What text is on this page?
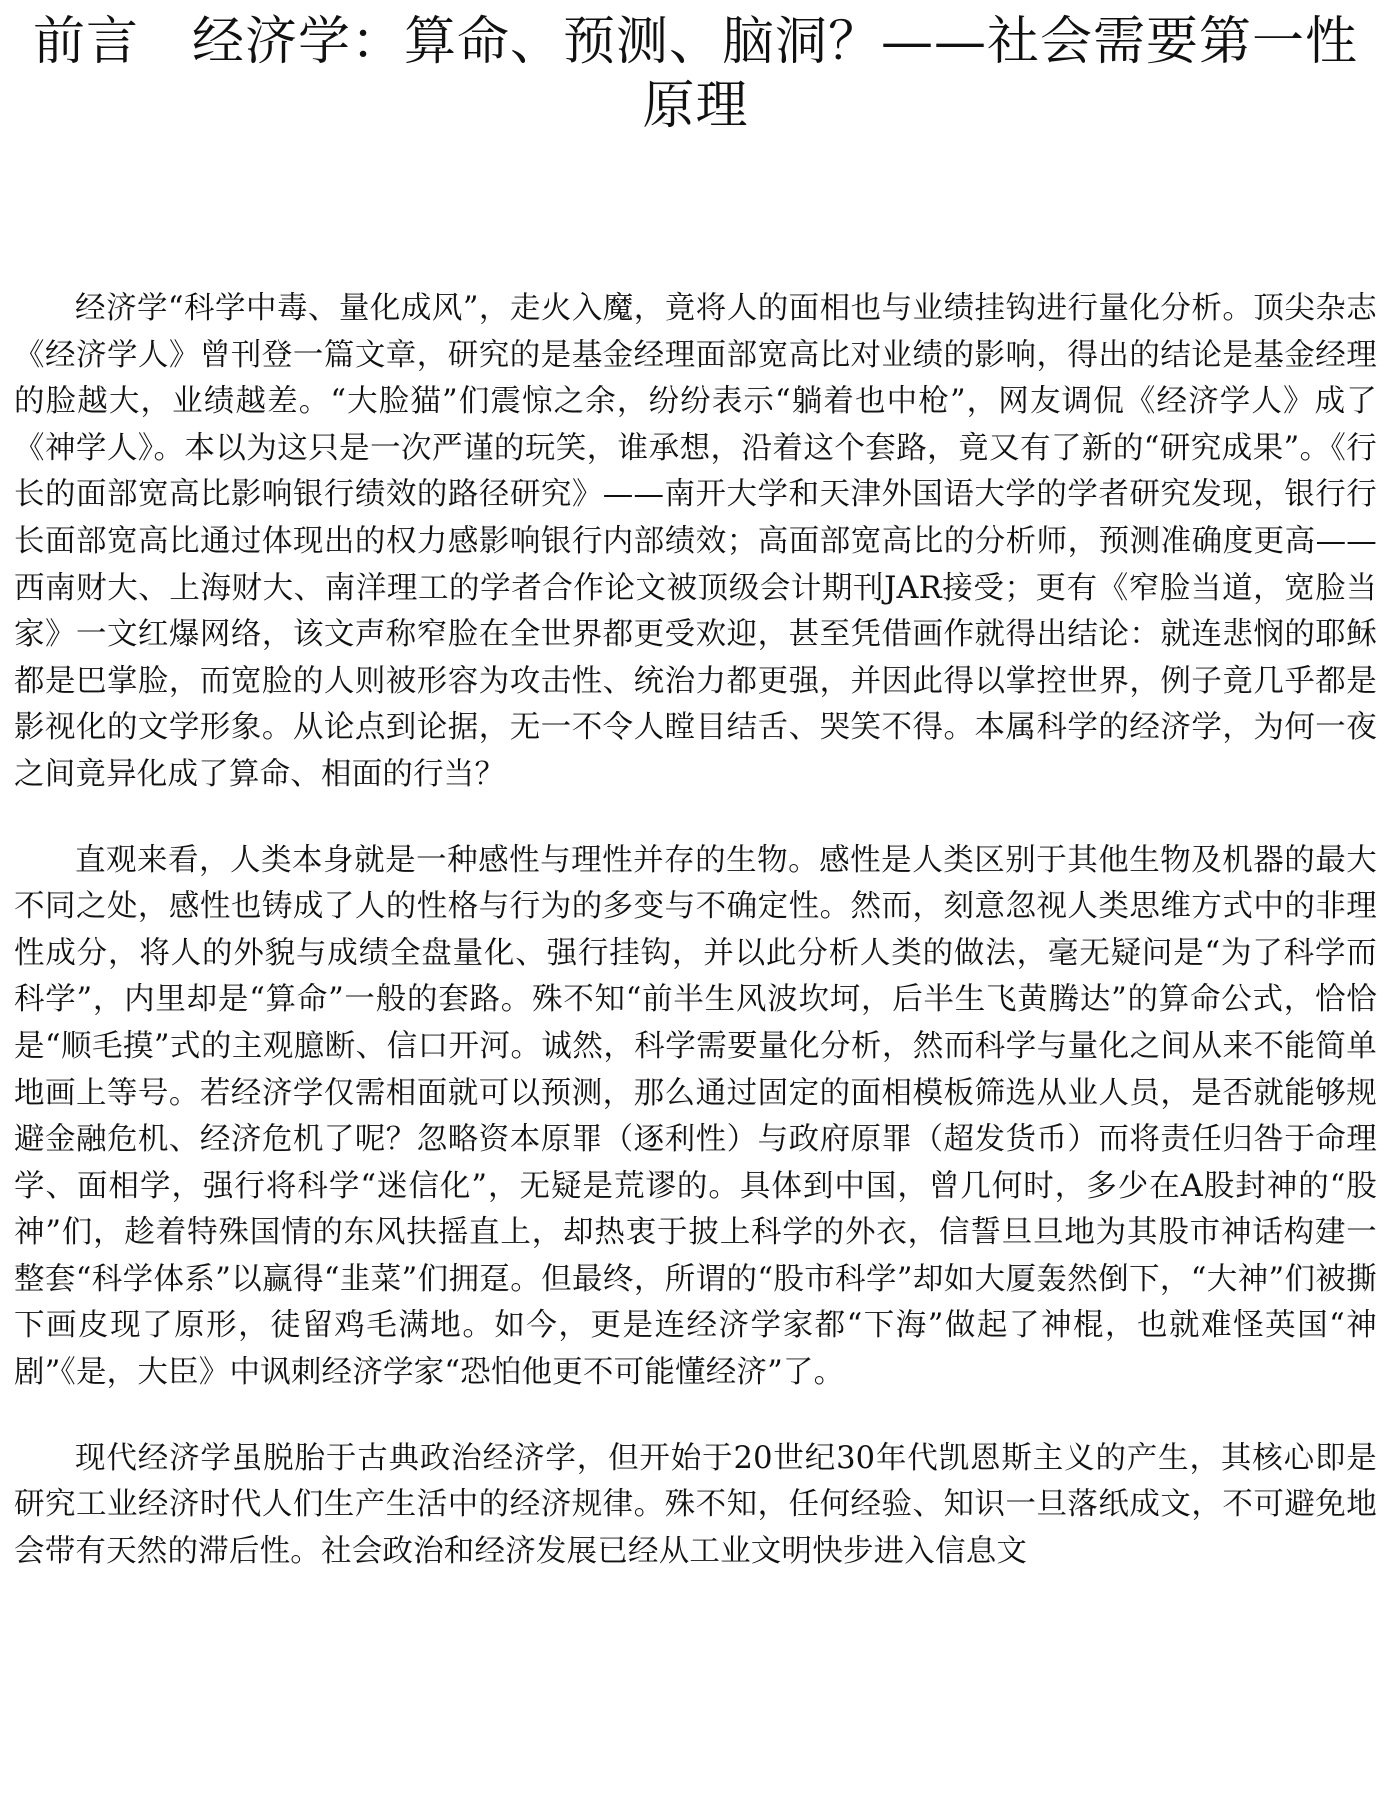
前言　经济学：算命、预测、脑洞？——社会需要第一性原理

经济学“科学中毒、量化成风”，走火入魔，竟将人的面相也与业绩挂钩进行量化分析。顶尖杂志《经济学人》曾刊登一篇文章，研究的是基金经理面部宽高比对业绩的影响，得出的结论是基金经理的脸越大，业绩越差。“大脸猫”们震惊之余，纷纷表示“躺着也中枪”，网友调侃《经济学人》成了《神学人》。本以为这只是一次严谨的玩笑，谁承想，沿着这个套路，竟又有了新的“研究成果”。《行长的面部宽高比影响银行绩效的路径研究》——南开大学和天津外国语大学的学者研究发现，银行行长面部宽高比通过体现出的权力感影响银行内部绩效；高面部宽高比的分析师，预测准确度更高——西南财大、上海财大、南洋理工的学者合作论文被顶级会计期刊JAR接受；更有《窄脸当道，宽脸当家》一文红爆网络，该文声称窄脸在全世界都更受欢迎，甚至凭借画作就得出结论：就连悲悯的耶稣都是巴掌脸，而宽脸的人则被形容为攻击性、统治力都更强，并因此得以掌控世界，例子竟几乎都是影视化的文学形象。从论点到论据，无一不令人瞠目结舌、哭笑不得。本属科学的经济学，为何一夜之间竟异化成了算命、相面的行当？

直观来看，人类本身就是一种感性与理性并存的生物。感性是人类区别于其他生物及机器的最大不同之处，感性也铸成了人的性格与行为的多变与不确定性。然而，刻意忽视人类思维方式中的非理性成分，将人的外貌与成绩全盘量化、强行挂钩，并以此分析人类的做法，毫无疑问是“为了科学而科学”，内里却是“算命”一般的套路。殊不知“前半生风波坎坷，后半生飞黄腾达”的算命公式，恰恰是“顺毛摸”式的主观臆断、信口开河。诚然，科学需要量化分析，然而科学与量化之间从来不能简单地画上等号。若经济学仅需相面就可以预测，那么通过固定的面相模板筛选从业人员，是否就能够规避金融危机、经济危机了呢？忽略资本原罪（逐利性）与政府原罪（超发货币）而将责任归咎于命理学、面相学，强行将科学“迷信化”，无疑是荒谬的。具体到中国，曾几何时，多少在A股封神的“股神”们，趁着特殊国情的东风扶摇直上，却热衷于披上科学的外衣，信誓旦旦地为其股市神话构建一整套“科学体系”以赢得“韭菜”们拥趸。但最终，所谓的“股市科学”却如大厦轰然倒下，“大神”们被撕下画皮现了原形，徒留鸡毛满地。如今，更是连经济学家都“下海”做起了神棍，也就难怪英国“神剧”《是，大臣》中讽刺经济学家“恐怕他更不可能懂经济”了。

现代经济学虽脱胎于古典政治经济学，但开始于20世纪30年代凯恩斯主义的产生，其核心即是研究工业经济时代人们生产生活中的经济规律。殊不知，任何经验、知识一旦落纸成文，不可避免地会带有天然的滞后性。社会政治和经济发展已经从工业文明快步进入信息文
